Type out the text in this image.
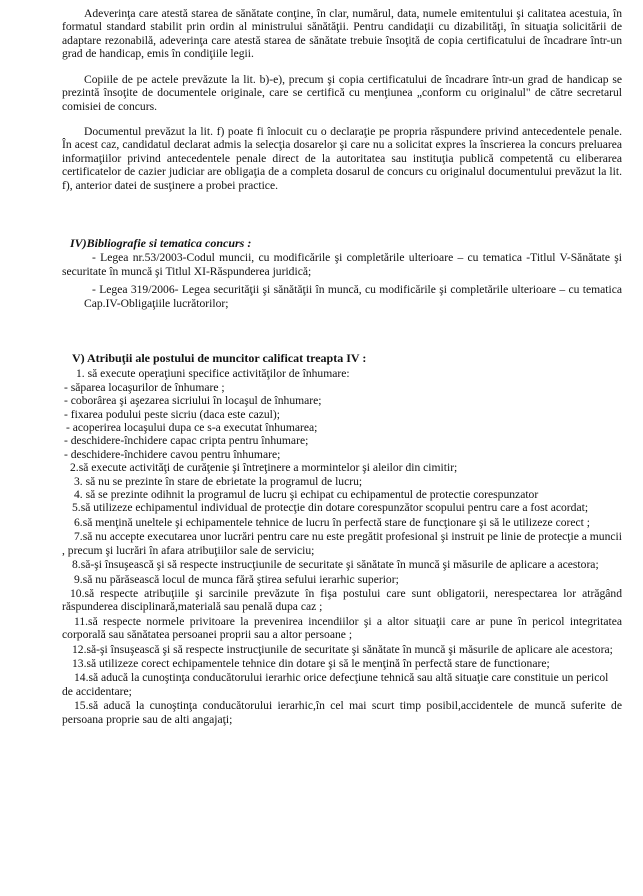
Adeverinţa care atestă starea de sănătate conţine, în clar, numărul, data, numele emitentului şi calitatea acestuia, în formatul standard stabilit prin ordin al ministrului sănătăţii. Pentru candidaţii cu dizabilităţi, în situaţia solicitării de adaptare rezonabilă, adeverinţa care atestă starea de sănătate trebuie însoţită de copia certificatului de încadrare într-un grad de handicap, emis în condiţiile legii.

Copiile de pe actele prevăzute la lit. b)-e), precum şi copia certificatului de încadrare într-un grad de handicap se prezintă însoţite de documentele originale, care se certifică cu menţiunea „conform cu originalul" de către secretarul comisiei de concurs.

Documentul prevăzut la lit. f) poate fi înlocuit cu o declaraţie pe propria răspundere privind antecedentele penale. În acest caz, candidatul declarat admis la selecţia dosarelor şi care nu a solicitat expres la înscrierea la concurs preluarea informaţiilor privind antecedentele penale direct de la autoritatea sau instituţia publică competentă cu eliberarea certificatelor de cazier judiciar are obligaţia de a completa dosarul de concurs cu originalul documentului prevăzut la lit. f), anterior datei de susţinere a probei practice.

IV)Bibliografie si tematica concurs :

- Legea nr.53/2003-Codul muncii, cu modificările şi completările ulterioare – cu tematica -Titlul V-Sănătate şi securitate în muncă şi Titlul XI-Răspunderea juridică;

- Legea 319/2006- Legea securităţii şi sănătăţii în muncă, cu modificările şi completările ulterioare – cu tematica Cap.IV-Obligaţiile lucrătorilor;

V) Atribuţii ale postului de muncitor calificat treapta IV :

1. să execute operaţiuni specifice activităţilor de înhumare:

- săparea locaşurilor de înhumare ;

- coborârea şi aşezarea sicriului în locaşul de înhumare;

- fixarea podului peste sicriu (daca este cazul);

- acoperirea locaşului dupa ce s-a executat înhumarea;

- deschidere-închidere capac cripta pentru înhumare;

- deschidere-închidere cavou pentru înhumare;

2.să execute activităţi de curăţenie şi întreţinere a mormintelor şi aleilor din cimitir;

3. să nu se prezinte în stare de ebrietate la programul de lucru;

4. să se prezinte odihnit la programul de lucru şi echipat cu echipamentul de protectie corespunzator

5.să utilizeze echipamentul individual de protecţie din dotare corespunzător scopului pentru care a fost acordat;

6.să menţină uneltele şi echipamentele tehnice de lucru în perfectă stare de funcţionare şi să le utilizeze corect ;

7.să nu accepte executarea unor lucrări pentru care nu este pregătit profesional şi instruit pe linie de protecţie a muncii , precum şi lucrări în afara atribuţiilor sale de serviciu;

8.să-şi însuşească şi să respecte instrucţiunile de securitate şi sănătate în muncă şi măsurile de aplicare a acestora;

9.să nu părăsească locul de munca fără ştirea sefului ierarhic superior;

10.să respecte atribuţiile şi sarcinile prevăzute în fişa postului care sunt obligatorii, nerespectarea lor atrăgând răspunderea disciplinară,materială sau penală dupa caz ;

11.să respecte normele privitoare la prevenirea incendiilor şi a altor situaţii care ar pune în pericol integritatea corporală sau sănătatea persoanei proprii sau a altor persoane ;

12.să-şi însuşească şi să respecte instrucţiunile de securitate şi sănătate în muncă şi măsurile de aplicare ale acestora;

13.să utilizeze corect echipamentele tehnice din dotare şi să le menţină în perfectă stare de functionare;

14.să aducă la cunoştinţa conducătorului ierarhic orice defecţiune tehnică sau altă situaţie care constituie un pericol de accidentare;

15.să aducă la cunoştinţa conducătorului ierarhic,în cel mai scurt timp posibil,accidentele de muncă suferite de persoana proprie sau de alti angajaţi;
